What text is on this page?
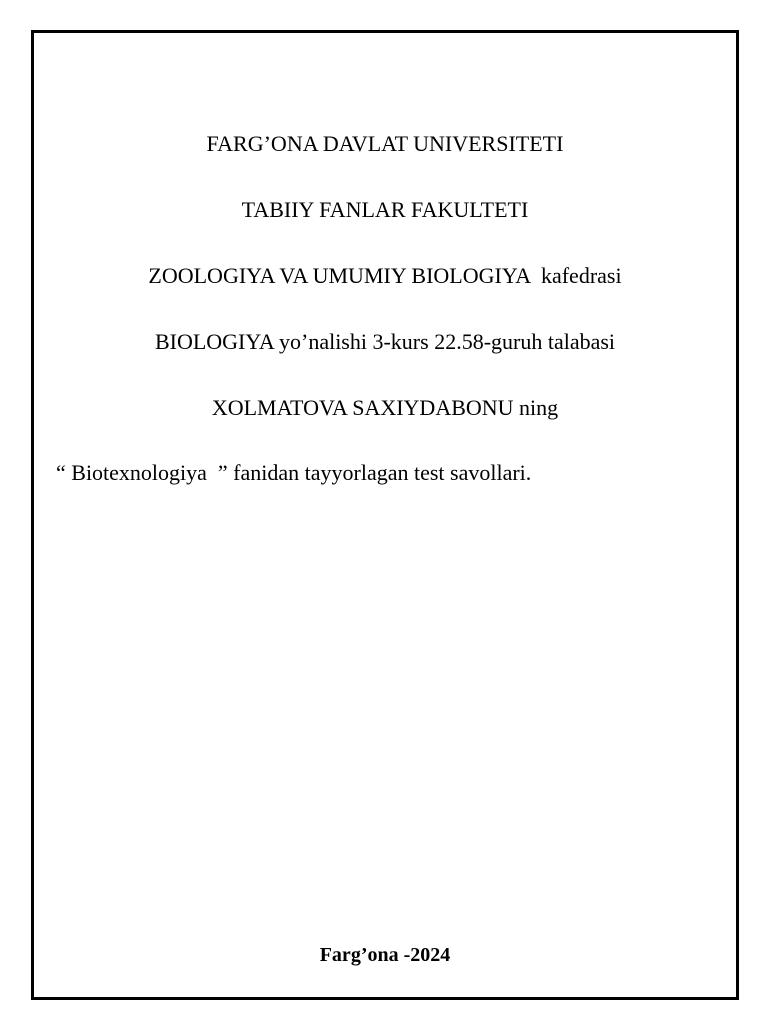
FARG’ONA DAVLAT UNIVERSITETI
TABIIY FANLAR FAKULTETI
ZOOLOGIYA VA UMUMIY BIOLOGIYA  kafedrasi
BIOLOGIYA yo’nalishi 3-kurs 22.58-guruh talabasi
XOLMATOVA SAXIYDABONU ning
“ Biotexnologiya  ” fanidan tayyorlagan test savollari.
Farg’ona -2024
